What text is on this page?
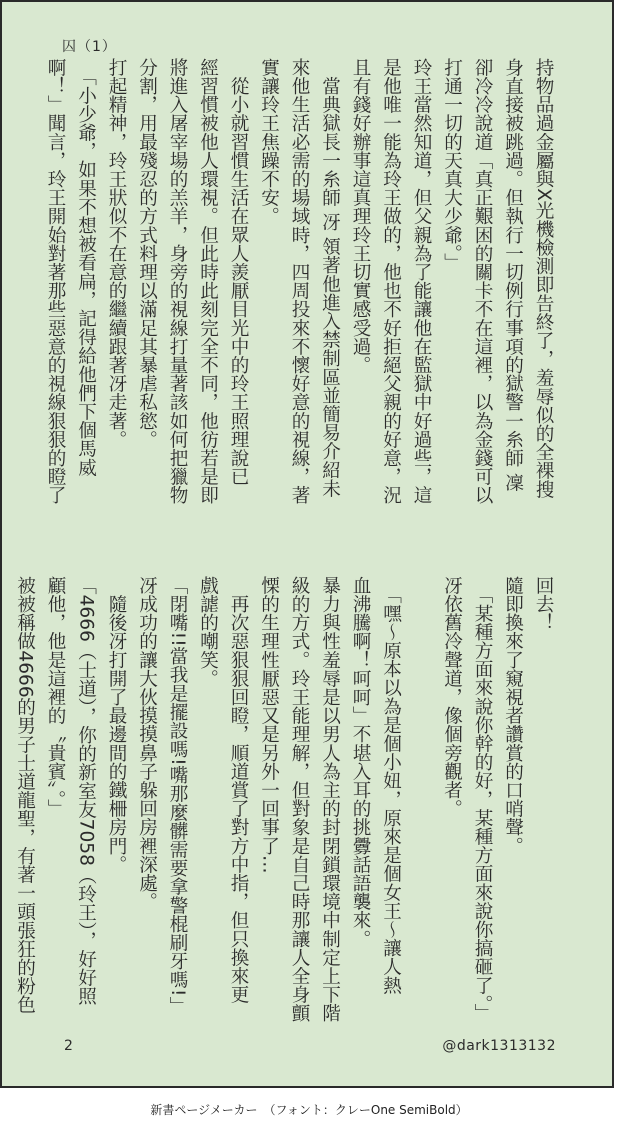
囚（1）

持物品過金屬與X光機檢測即告終了，羞辱似的全裸搜

身直接被跳過。但執行一切例行事項的獄警一糸師 凜

卻冷冷說道「真正艱困的關卡不在這裡，以為金錢可以

打通一切的天真大少爺。」

玲王當然知道，但父親為了能讓他在監獄中好過些，這

是他唯一能為玲王做的，他也不好拒絕父親的好意，況

且有錢好辦事這真理玲王切實感受過。

　當典獄長一糸師 冴 領著他進入禁制區並簡易介紹未

來他生活必需的場域時，四周投來不懷好意的視線，著

實讓玲王焦躁不安。

　從小就習慣生活在眾人羨厭目光中的玲王照理說已

經習慣被他人環視。但此時此刻完全不同，他彷若是即

將進入屠宰場的羔羊，身旁的視線打量著該如何把獵物

分割，用最殘忍的方式料理以滿足其暴虐私慾。

打起精神，玲王狀似不在意的繼續跟著冴走著。

　「小少爺，如果不想被看扁，記得給他們下個馬威

啊！」聞言，玲王開始對著那些惡意的視線狠狠的瞪了

回去！

隨即換來了窺視者讚賞的口哨聲。

　「某種方面來說你幹的好，某種方面來說你搞砸了。」

冴依舊冷聲道，像個旁觀者。

　「嘿～原本以為是個小妞，原來是個女王～讓人熱

血沸騰啊！呵呵」不堪入耳的挑釁話語襲來。

暴力與性羞辱是以男人為主的封閉鎖環境中制定上下階

級的方式。玲王能理解，但對象是自己時那讓人全身顫

慄的生理性厭惡又是另外一回事了…

　再次惡狠狠回瞪，順道賞了對方中指，但只換來更

戲謔的嘲笑。

「閉嘴!!當我是擺設嗎!嘴那麼髒需要拿警棍刷牙嗎!」

冴成功的讓大伙摸摸鼻子躲回房裡深處。

　隨後冴打開了最邊間的鐵柵房門。

「4666（士道），你的新室友7058（玲王），好好照

顧他，他是這裡的〝貴賓〞。」

被被稱做4666的男子士道龍聖，有著一頭張狂的粉色

2	@dark1313132
新書ページメーカー　（フォント：クレーOne SemiBold）
